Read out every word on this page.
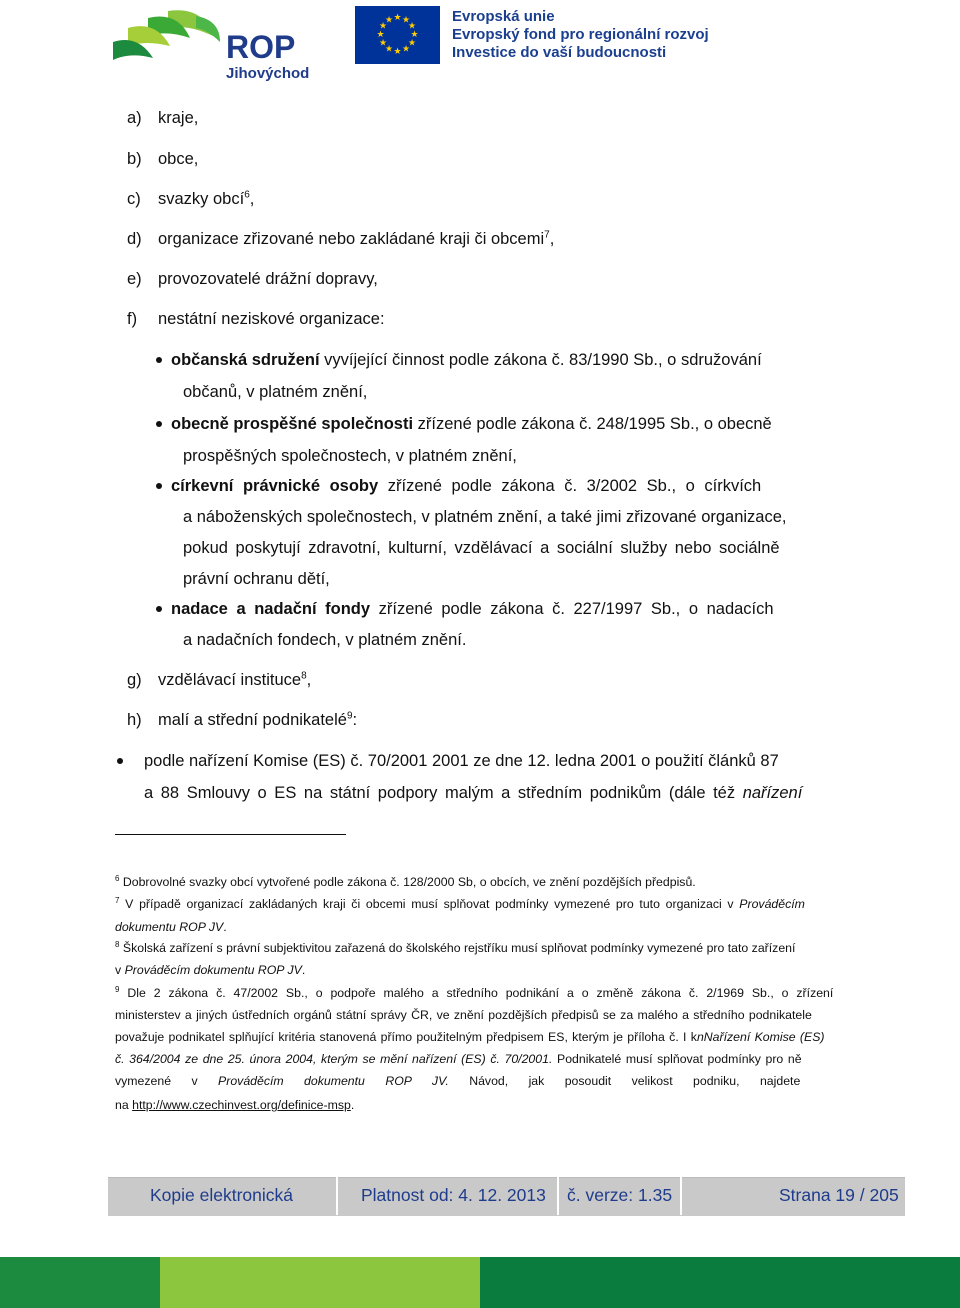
ROP
Jihovýchod
★ ★
★
★
★
★
★
★
★
★
★
★	Evropská unie
Evropský fond pro regionální rozvoj
Investice do vaší budoucnosti
a) kraje,
b) obce,
c) svazky obcí$^6$,
d) organizace zřizované nebo zakládané kraji či obcemi$^7$,
e) provozovatelé drážní dopravy,
f) nestátní neziskové organizace:
občanská sdružení vyvíjející činnost podle zákona č. 83/1990 Sb., o sdružování
občanů, v platném znění,
obecně prospěšné společnosti zřízené podle zákona č. 248/1995 Sb., o obecně
prospěšných společnostech, v platném znění,
církevní právnické osoby zřízené podle zákona č. 3/2002 Sb., o církvích
a náboženských společnostech, v platném znění, a také jimi zřizované organizace,
pokud poskytují zdravotní, kulturní, vzdělávací a sociální služby nebo sociálně
právní ochranu dětí,
nadace a nadační fondy zřízené podle zákona č. 227/1997 Sb., o nadacích
a nadačních fondech, v platném znění.
g) vzdělávací instituce$^8$,
h) malí a střední podnikatelé$^9$:
podle nařízení Komise (ES) č. 70/2001 2001 ze dne 12. ledna 2001 o použití článků 87
a 88 Smlouvy o ES na státní podpory malým a středním podnikům (dále též nařízení
$^6$ Dobrovolné svazky obcí vytvořené podle zákona č. 128/2000 Sb, o obcích, ve znění pozdějších předpisů.
$^7$ V případě organizací zakládaných kraji či obcemi musí splňovat podmínky vymezené pro tuto organizaci v Prováděcím
dokumentu ROP JV.
$^8$ Školská zařízení s právní subjektivitou zařazená do školského rejstříku musí splňovat podmínky vymezené pro tato zařízení
v Prováděcím dokumentu ROP JV.
$^9$ Dle 2 zákona č. 47/2002 Sb., o podpoře malého a středního podnikání a o změně zákona č. 2/1969 Sb., o zřízení
ministerstev a jiných ústředních orgánů státní správy ČR, ve znění pozdějších předpisů se za malého a středního podnikatele
považuje podnikatel splňující kritéria stanovená přímo použitelným předpisem ES, kterým je příloha č. I knNařízení Komise (ES)
č. 364/2004 ze dne 25. února 2004, kterým se mění nařízení (ES) č. 70/2001. Podnikatelé musí splňovat podmínky pro ně
vymezené v Prováděcím dokumentu ROP JV. Návod, jak posoudit velikost podniku, najdete
na http://www.czechinvest.org/definice-msp.
Kopie elektronická	Platnost od: 4. 12. 2013 č. verze: 1.35	Strana 19 / 205
